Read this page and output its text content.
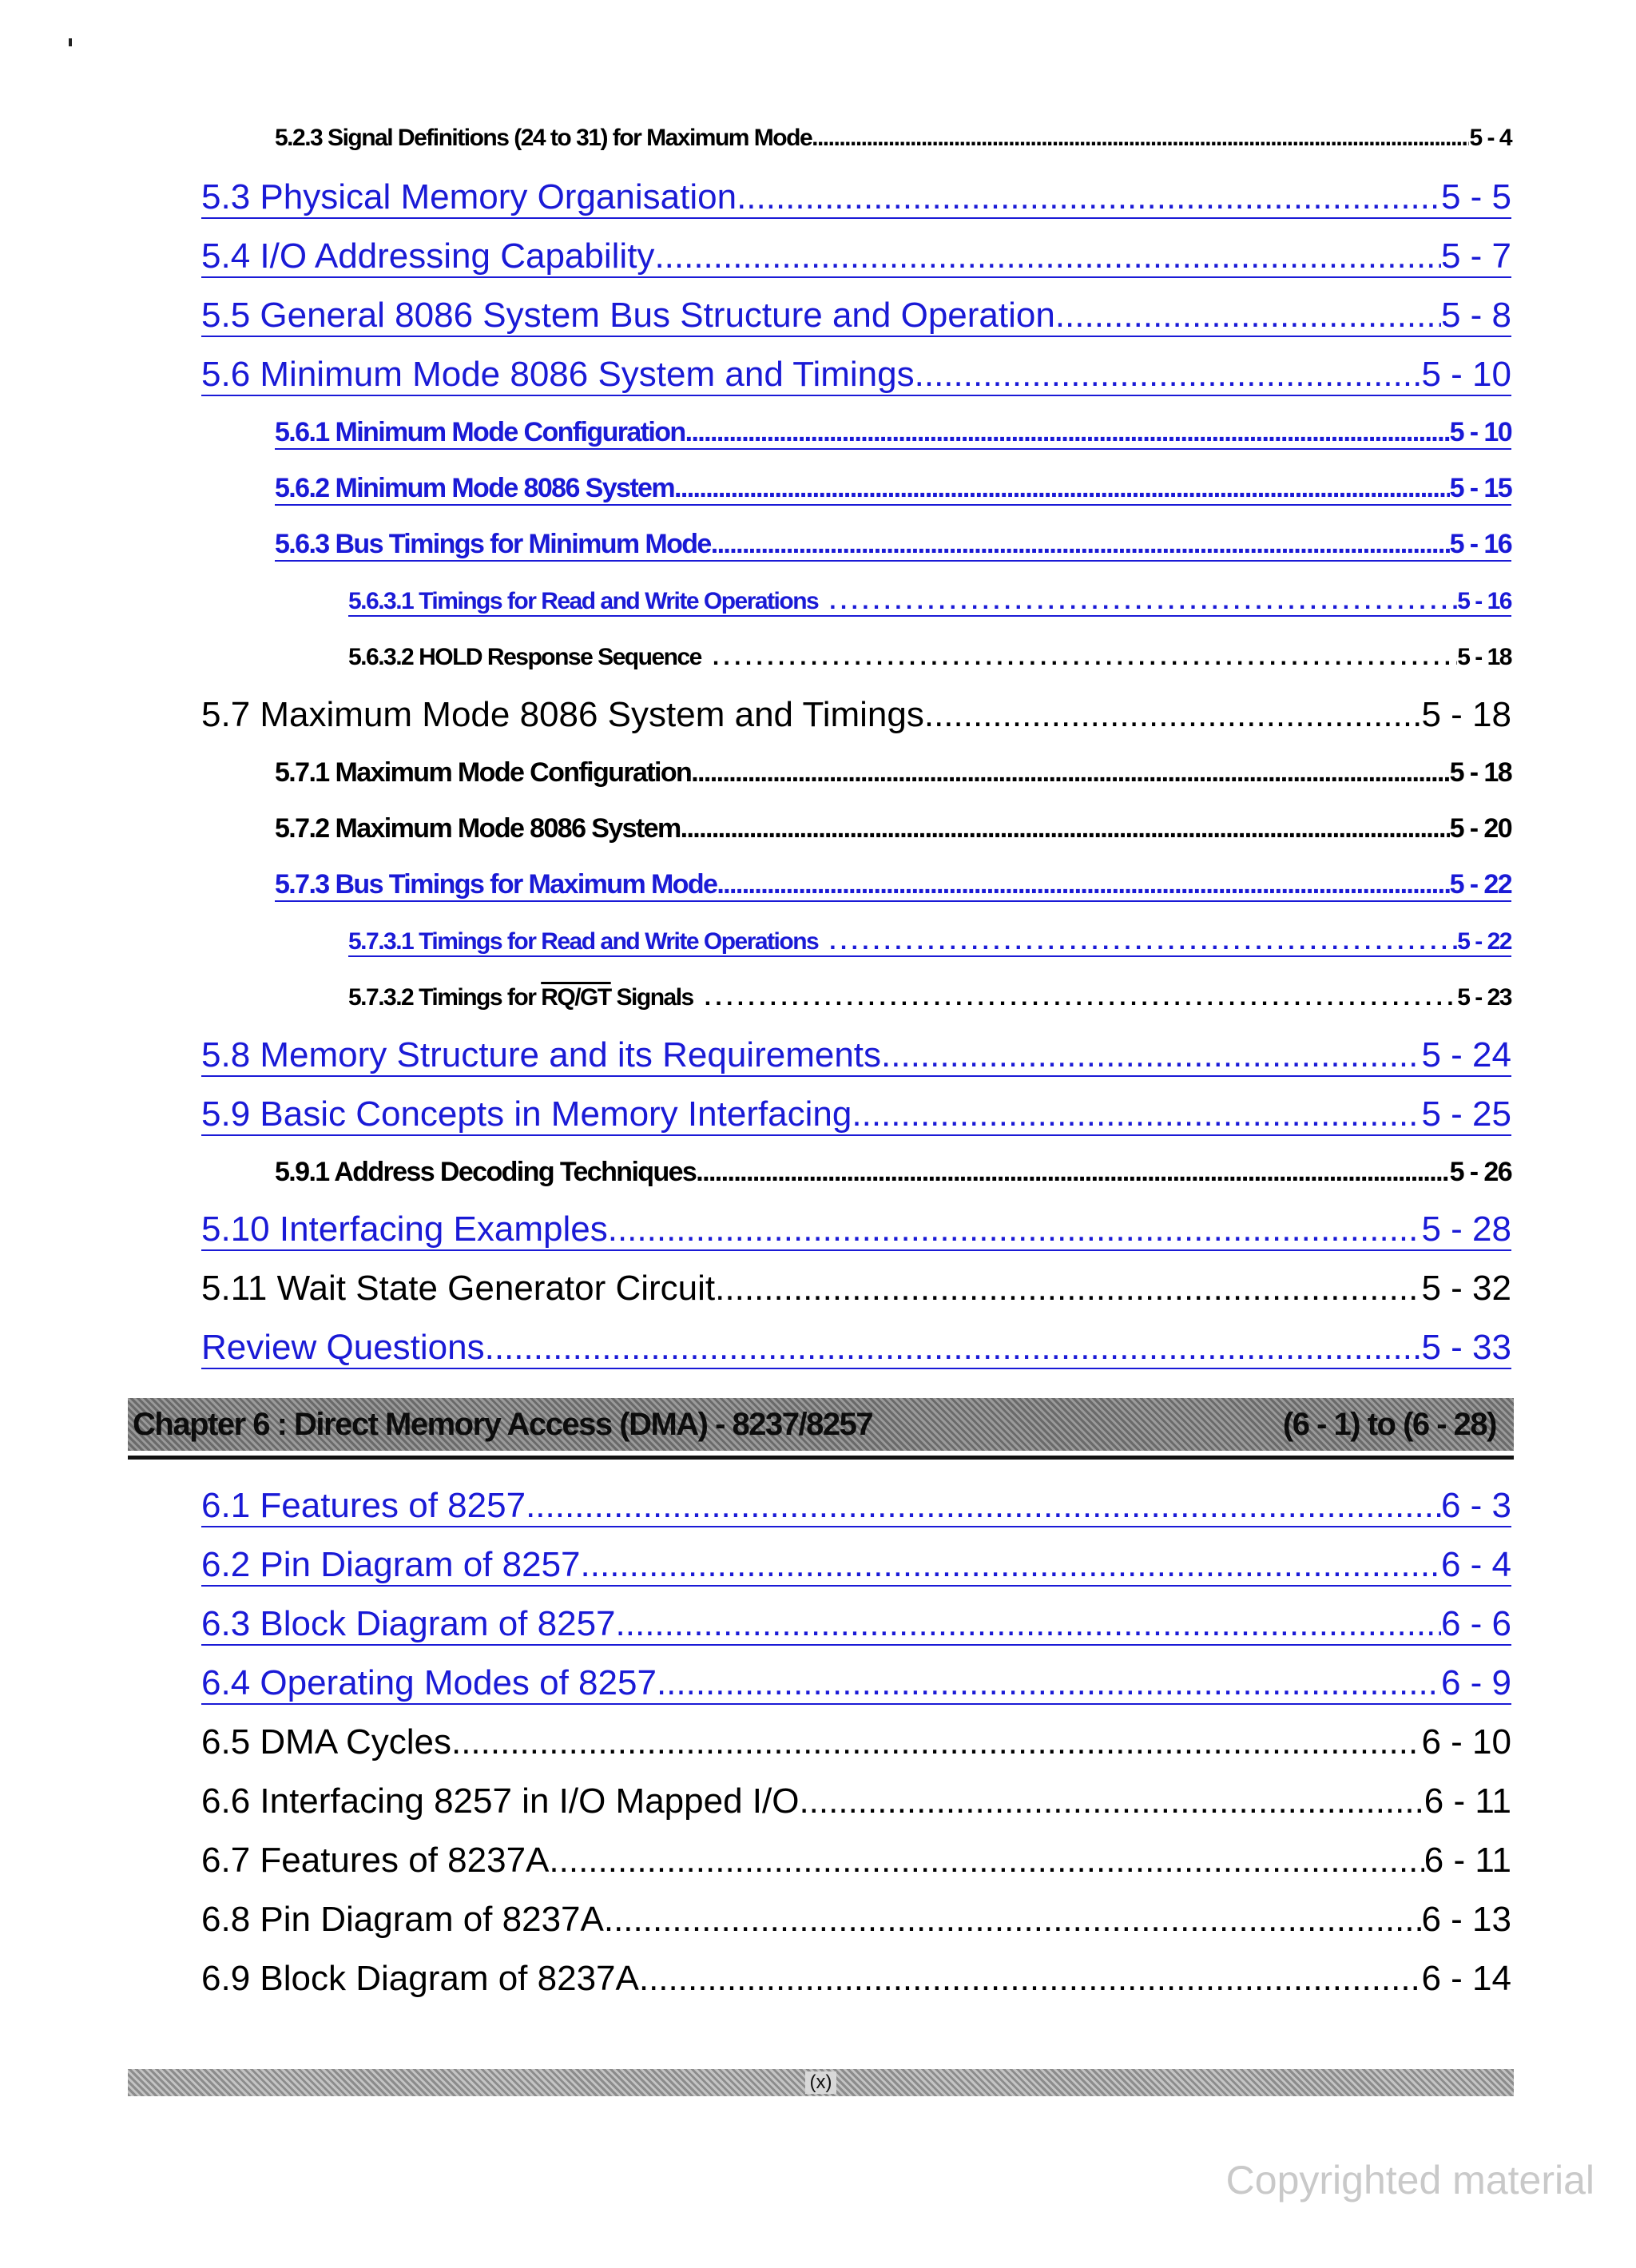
5.2.3 Signal Definitions (24 to 31) for Maximum Mode .....	5 - 4
5.3 Physical Memory Organisation .....	5 - 5
5.4 I/O Addressing Capability .....	5 - 7
5.5 General 8086 System Bus Structure and Operation .....	5 - 8
5.6 Minimum Mode 8086 System and Timings .....	5 - 10
5.6.1 Minimum Mode Configuration .....	5 - 10
5.6.2 Minimum Mode 8086 System .....	5 - 15
5.6.3 Bus Timings for Minimum Mode .....	5 - 16
5.6.3.1 Timings for Read and Write Operations . . .	5 - 16
5.6.3.2 HOLD Response Sequence . . .	5 - 18
5.7 Maximum Mode 8086 System and Timings .....	5 - 18
5.7.1 Maximum Mode Configuration .....	5 - 18
5.7.2 Maximum Mode 8086 System .....	5 - 20
5.7.3 Bus Timings for Maximum Mode .....	5 - 22
5.7.3.1 Timings for Read and Write Operations . . .	5 - 22
5.7.3.2 Timings for RQ/GT Signals . . .	5 - 23
5.8 Memory Structure and its Requirements .....	5 - 24
5.9 Basic Concepts in Memory Interfacing .....	5 - 25
5.9.1 Address Decoding Techniques .....	5 - 26
5.10 Interfacing Examples .....	5 - 28
5.11 Wait State Generator Circuit .....	5 - 32
Review Questions .....	5 - 33
Chapter 6 : Direct Memory Access (DMA) - 8237/8257	(6 - 1) to (6 - 28)
6.1 Features of 8257 .....	6 - 3
6.2 Pin Diagram of 8257 .....	6 - 4
6.3 Block Diagram of 8257 .....	6 - 6
6.4 Operating Modes of 8257 .....	6 - 9
6.5 DMA Cycles .....	6 - 10
6.6 Interfacing 8257 in I/O Mapped I/O .....	6 - 11
6.7 Features of 8237A .....	6 - 11
6.8 Pin Diagram of 8237A .....	6 - 13
6.9 Block Diagram of 8237A .....	6 - 14
(x)
Copyrighted material
